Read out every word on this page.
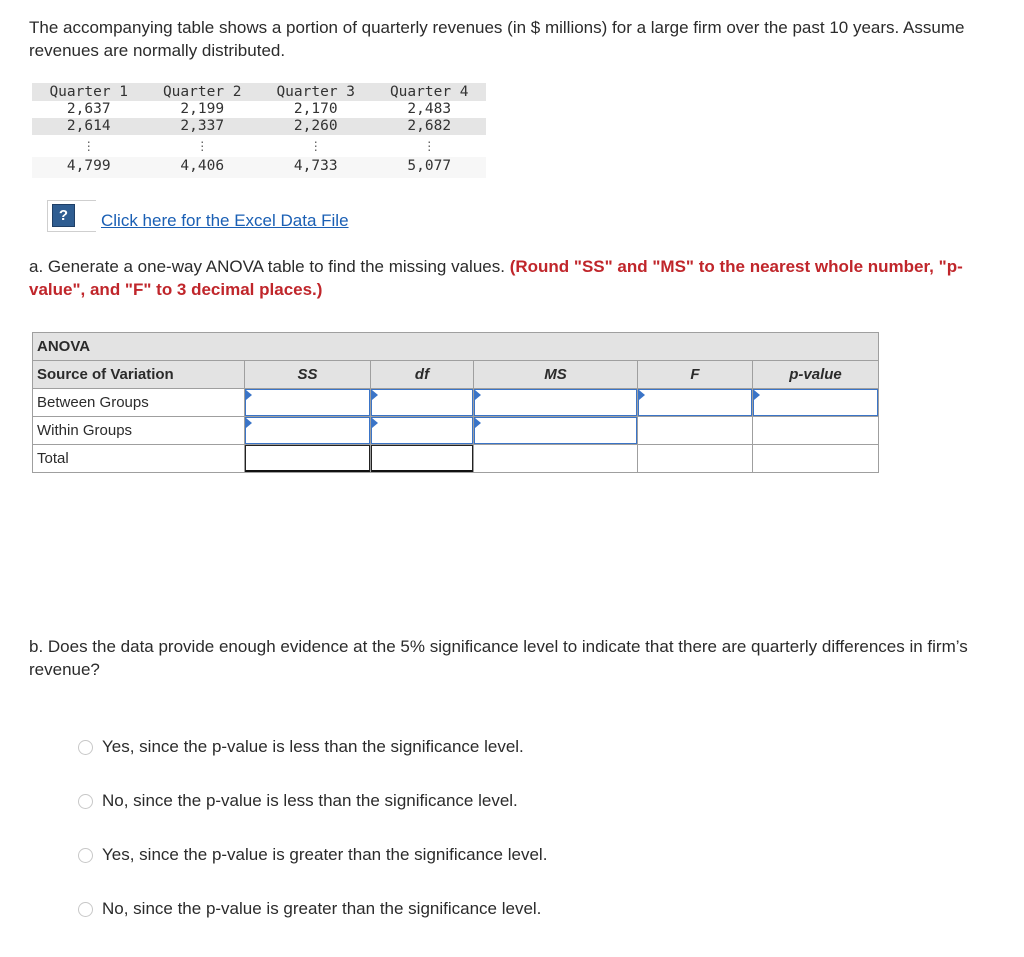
The accompanying table shows a portion of quarterly revenues (in $ millions) for a large firm over the past 10 years. Assume revenues are normally distributed.
Quarter 1	Quarter 2	Quarter 3	Quarter 4
2,637	2,199	2,170	2,483
2,614	2,337	2,260	2,682
⋮	⋮	⋮	⋮
4,799	4,406	4,733	5,077
?	Click here for the Excel Data File
a. Generate a one-way ANOVA table to find the missing values. (Round "SS" and "MS" to the nearest whole number, "p-value", and "F" to 3 decimal places.)
ANOVA					
Source of Variation	SS	df	MS	F	p-value
Between Groups	

Within Groups	

Total					
b. Does the data provide enough evidence at the 5% significance level to indicate that there are quarterly differences in firm’s revenue?
Yes, since the p-value is less than the significance level.
No, since the p-value is less than the significance level.
Yes, since the p-value is greater than the significance level.
No, since the p-value is greater than the significance level.
